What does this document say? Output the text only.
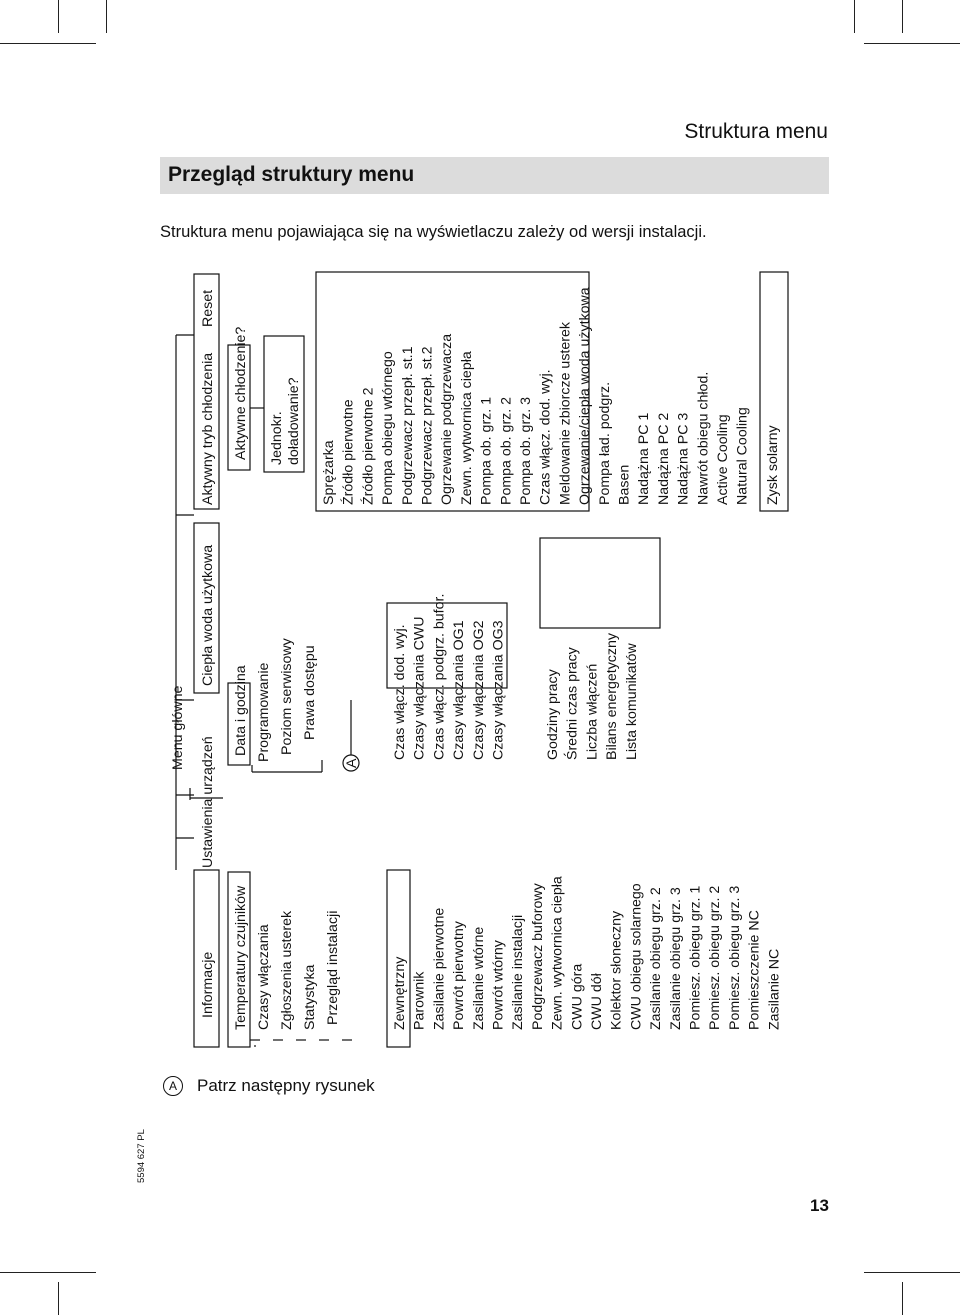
Struktura menu
Przegląd struktury menu
Struktura menu pojawiająca się na wyświetlaczu zależy od wersji instalacji.
Menu główne
Informacje
Ciepła woda użytkowa
Aktywny tryb chłodzenia
Reset
Ustawienia urządzeń
Temperatury czujników Czasy włączania Zgłoszenia usterek Statystyka Przegląd instalacji
Data i godzina Programowanie Poziom serwisowy Prawa dostępu
A
Aktywne chłodzenie? Jednokr. doładowanie?
Zewnętrzny Parownik Zasilanie pierwotne Powrót pierwotny Zasilanie wtórne Powrót wtórny Zasilanie instalacji Podgrzewacz buforowy Zewn. wytwornica ciepła CWU góra CWU dół Kolektor słoneczny CWU obiegu solarnego Zasilanie obiegu grz. 2 Zasilanie obiegu grz. 3 Pomiesz. obiegu grz. 1 Pomiesz. obiegu grz. 2 Pomiesz. obiegu grz. 3 Pomieszczenie NC Zasilanie NC
Czas włącz. dod. wyj. Czasy włączania CWU Czas włącz. podgrz. bufor. Czasy włączania OG1 Czasy włączania OG2 Czasy włączania OG3	Godziny pracy Średni czas pracy Liczba włączeń Bilans energetyczny Lista komunikatów
Sprężarka Źródło pierwotne Źródło pierwotne 2 Pompa obiegu wtórnego Podgrzewacz przepł. st.1 Podgrzewacz przepł. st.2 Ogrzewanie podgrzewacza Zewn. wytwornica ciepła Pompa ob. grz. 1 Pompa ob. grz. 2 Pompa ob. grz. 3 Czas włącz. dod. wyj. Meldowanie zbiorcze usterek Ogrzewanie/ciepła woda użytkowa Pompa ład. podgrz. Basen Nadążna PC 1 Nadążna PC 2 Nadążna PC 3 Nawrót obiegu chłod. Active Cooling Natural Cooling Zysk solarny
A	Patrz następny rysunek
5594 627 PL
13
